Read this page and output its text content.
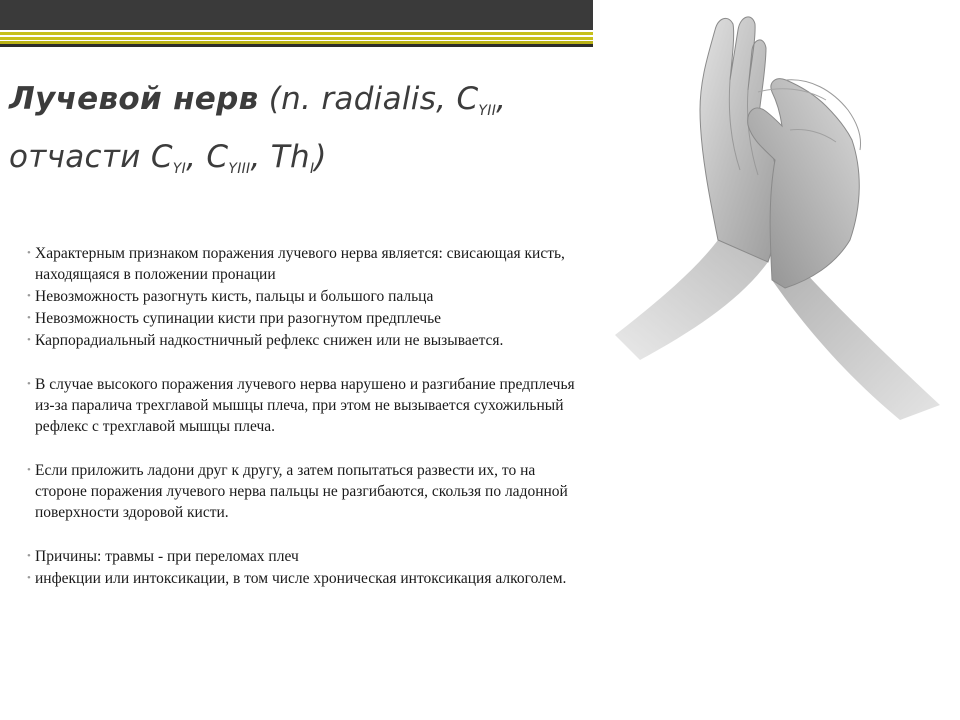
Лучевой нерв (n. radialis, $C_{YII}$,
отчасти $C_{YI}$, $C_{YIII}$, $Th_I$)

• Характерным признаком поражения лучевого нерва является: свисающая кисть, находящаяся в положении пронации

• Невозможность разогнуть кисть, пальцы и большого пальца

• Невозможность супинации кисти при разогнутом предплечье

• Карпорадиальный надкостничный рефлекс снижен или не вызывается.

• В случае высокого поражения лучевого нерва нарушено и разгибание предплечья из-за паралича трехглавой мышцы плеча, при этом не вызывается сухожильный рефлекс с трехглавой мышцы плеча.

• Если приложить ладони друг к другу, а затем попытаться развести их, то на стороне поражения лучевого нерва пальцы не разгибаются, скользя по ладонной поверхности здоровой кисти.

• Причины: травмы - при переломах плеч

• инфекции или интоксикации, в том числе хроническая интоксикация алкоголем.
